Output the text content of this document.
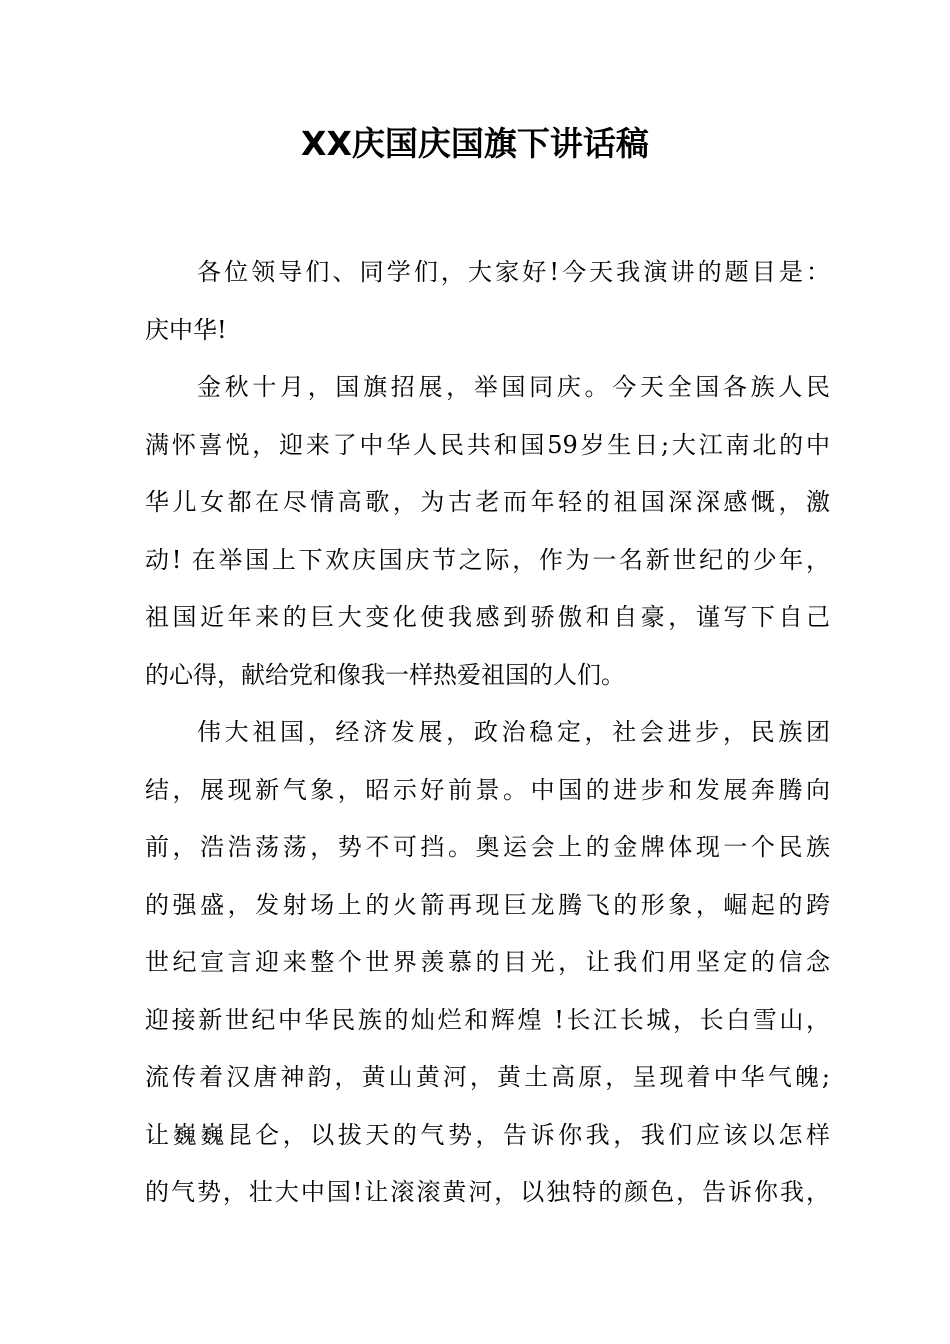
XX庆国庆国旗下讲话稿
各位领导们、同学们，大家好!今天我演讲的题目是：
庆中华!
金秋十月，国旗招展，举国同庆。今天全国各族人民
满怀喜悦，迎来了中华人民共和国59岁生日;大江南北的中
华儿女都在尽情高歌，为古老而年轻的祖国深深感慨，激
动! 在举国上下欢庆国庆节之际，作为一名新世纪的少年，
祖国近年来的巨大变化使我感到骄傲和自豪，谨写下自己
的心得，献给党和像我一样热爱祖国的人们。
伟大祖国，经济发展，政治稳定，社会进步，民族团
结，展现新气象，昭示好前景。中国的进步和发展奔腾向
前，浩浩荡荡，势不可挡。奥运会上的金牌体现一个民族
的强盛，发射场上的火箭再现巨龙腾飞的形象，崛起的跨
世纪宣言迎来整个世界羡慕的目光，让我们用坚定的信念
迎接新世纪中华民族的灿烂和辉煌 !长江长城，长白雪山，
流传着汉唐神韵，黄山黄河，黄土高原，呈现着中华气魄;
让巍巍昆仑，以拔天的气势，告诉你我，我们应该以怎样
的气势，壮大中国!让滚滚黄河，以独特的颜色，告诉你我，
